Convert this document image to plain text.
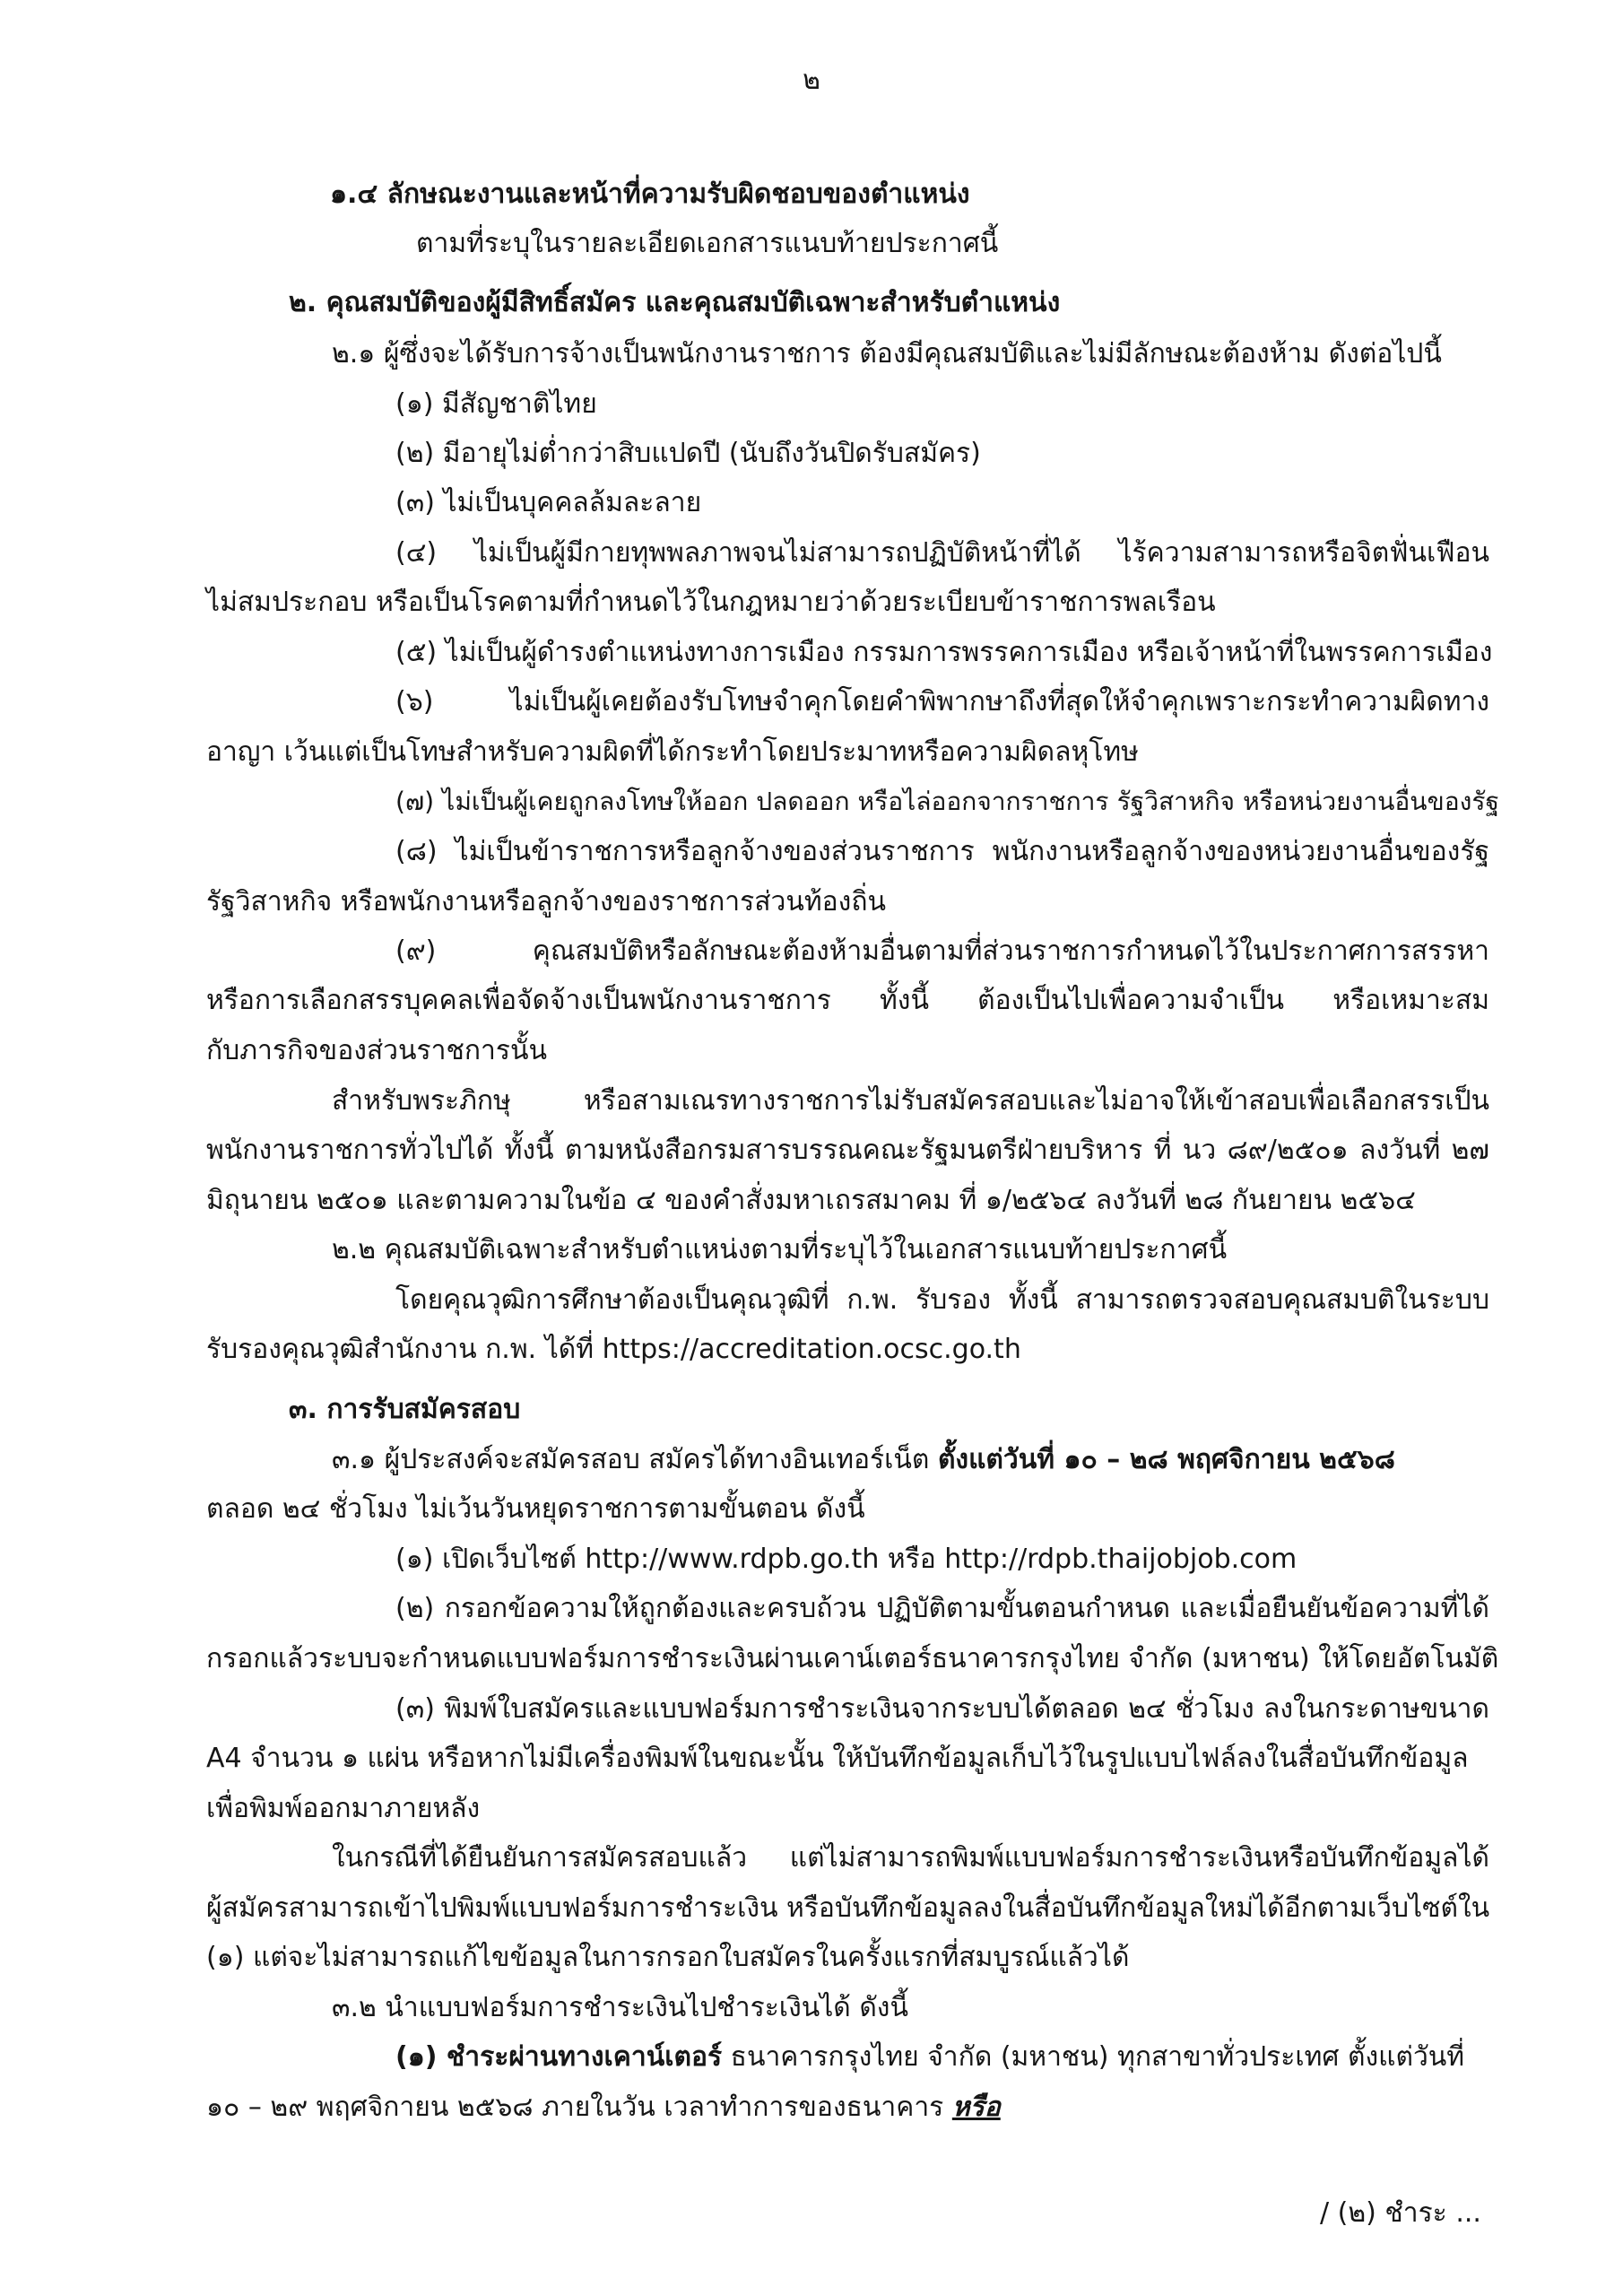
๒
๑.๔ ลักษณะงานและหน้าที่ความรับผิดชอบของตำแหน่ง
ตามที่ระบุในรายละเอียดเอกสารแนบท้ายประกาศนี้
๒. คุณสมบัติของผู้มีสิทธิ์สมัคร และคุณสมบัติเฉพาะสำหรับตำแหน่ง
๒.๑ ผู้ซึ่งจะได้รับการจ้างเป็นพนักงานราชการ ต้องมีคุณสมบัติและไม่มีลักษณะต้องห้าม ดังต่อไปนี้
(๑) มีสัญชาติไทย
(๒) มีอายุไม่ต่ำกว่าสิบแปดปี (นับถึงวันปิดรับสมัคร)
(๓) ไม่เป็นบุคคลล้มละลาย
(๔) ไม่เป็นผู้มีกายทุพพลภาพจนไม่สามารถปฏิบัติหน้าที่ได้ ไร้ความสามารถหรือจิตฟั่นเฟือน
ไม่สมประกอบ หรือเป็นโรคตามที่กำหนดไว้ในกฎหมายว่าด้วยระเบียบข้าราชการพลเรือน
(๕) ไม่เป็นผู้ดำรงตำแหน่งทางการเมือง กรรมการพรรคการเมือง หรือเจ้าหน้าที่ในพรรคการเมือง
(๖) ไม่เป็นผู้เคยต้องรับโทษจำคุกโดยคำพิพากษาถึงที่สุดให้จำคุกเพราะกระทำความผิดทาง
อาญา เว้นแต่เป็นโทษสำหรับความผิดที่ได้กระทำโดยประมาทหรือความผิดลหุโทษ
(๗) ไม่เป็นผู้เคยถูกลงโทษให้ออก ปลดออก หรือไล่ออกจากราชการ รัฐวิสาหกิจ หรือหน่วยงานอื่นของรัฐ
(๘) ไม่เป็นข้าราชการหรือลูกจ้างของส่วนราชการ พนักงานหรือลูกจ้างของหน่วยงานอื่นของรัฐ
รัฐวิสาหกิจ หรือพนักงานหรือลูกจ้างของราชการส่วนท้องถิ่น
(๙) คุณสมบัติหรือลักษณะต้องห้ามอื่นตามที่ส่วนราชการกำหนดไว้ในประกาศการสรรหา
หรือการเลือกสรรบุคคลเพื่อจัดจ้างเป็นพนักงานราชการ ทั้งนี้ ต้องเป็นไปเพื่อความจำเป็น หรือเหมาะสม
กับภารกิจของส่วนราชการนั้น
สำหรับพระภิกษุ หรือสามเณรทางราชการไม่รับสมัครสอบและไม่อาจให้เข้าสอบเพื่อเลือกสรรเป็น
พนักงานราชการทั่วไปได้ ทั้งนี้ ตามหนังสือกรมสารบรรณคณะรัฐมนตรีฝ่ายบริหาร ที่ นว ๘๙/๒๕๐๑ ลงวันที่ ๒๗
มิถุนายน ๒๕๐๑ และตามความในข้อ ๔ ของคำสั่งมหาเถรสมาคม ที่ ๑/๒๕๖๔ ลงวันที่ ๒๘ กันยายน ๒๕๖๔
๒.๒ คุณสมบัติเฉพาะสำหรับตำแหน่งตามที่ระบุไว้ในเอกสารแนบท้ายประกาศนี้
โดยคุณวุฒิการศึกษาต้องเป็นคุณวุฒิที่ ก.พ. รับรอง ทั้งนี้ สามารถตรวจสอบคุณสมบติในระบบ
รับรองคุณวุฒิสำนักงาน ก.พ. ได้ที่ https://accreditation.ocsc.go.th
๓. การรับสมัครสอบ
๓.๑ ผู้ประสงค์จะสมัครสอบ สมัครได้ทางอินเทอร์เน็ต ตั้งแต่วันที่ ๑๐ – ๒๘ พฤศจิกายน ๒๕๖๘
ตลอด ๒๔ ชั่วโมง ไม่เว้นวันหยุดราชการตามขั้นตอน ดังนี้
(๑) เปิดเว็บไซต์ http://www.rdpb.go.th หรือ http://rdpb.thaijobjob.com
(๒) กรอกข้อความให้ถูกต้องและครบถ้วน ปฏิบัติตามขั้นตอนกำหนด และเมื่อยืนยันข้อความที่ได้
กรอกแล้วระบบจะกำหนดแบบฟอร์มการชำระเงินผ่านเคาน์เตอร์ธนาคารกรุงไทย จำกัด (มหาชน) ให้โดยอัตโนมัติ
(๓) พิมพ์ใบสมัครและแบบฟอร์มการชำระเงินจากระบบได้ตลอด ๒๔ ชั่วโมง ลงในกระดาษขนาด
A4 จำนวน ๑ แผ่น หรือหากไม่มีเครื่องพิมพ์ในขณะนั้น ให้บันทึกข้อมูลเก็บไว้ในรูปแบบไฟล์ลงในสื่อบันทึกข้อมูล
เพื่อพิมพ์ออกมาภายหลัง
ในกรณีที่ได้ยืนยันการสมัครสอบแล้ว แต่ไม่สามารถพิมพ์แบบฟอร์มการชำระเงินหรือบันทึกข้อมูลได้
ผู้สมัครสามารถเข้าไปพิมพ์แบบฟอร์มการชำระเงิน หรือบันทึกข้อมูลลงในสื่อบันทึกข้อมูลใหม่ได้อีกตามเว็บไซต์ใน
(๑) แต่จะไม่สามารถแก้ไขข้อมูลในการกรอกใบสมัครในครั้งแรกที่สมบูรณ์แล้วได้
๓.๒ นำแบบฟอร์มการชำระเงินไปชำระเงินได้ ดังนี้
(๑) ชำระผ่านทางเคาน์เตอร์ ธนาคารกรุงไทย จำกัด (มหาชน) ทุกสาขาทั่วประเทศ ตั้งแต่วันที่
๑๐ – ๒๙ พฤศจิกายน ๒๕๖๘ ภายในวัน เวลาทำการของธนาคาร หรือ
/ (๒) ชำระ ...
